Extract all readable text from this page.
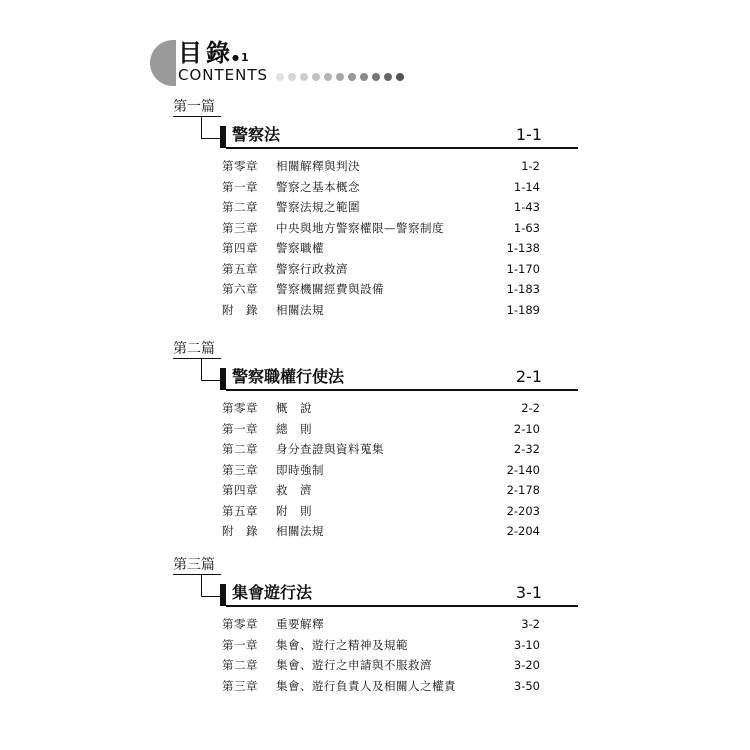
目錄● 1
CONTENTS
第一篇
警察法	1-1
第零章	相關解釋與判決	1-2
第一章	警察之基本概念	1-14
第二章	警察法規之範圍	1-43
第三章	中央與地方警察權限—警察制度	1-63
第四章	警察職權	1-138
第五章	警察行政救濟	1-170
第六章	警察機關經費與設備	1-183
附　錄	相關法規	1-189
第二篇
警察職權行使法	2-1
第零章	概　說	2-2
第一章	總　則	2-10
第二章	身分查證與資料蒐集	2-32
第三章	即時強制	2-140
第四章	救　濟	2-178
第五章	附　則	2-203
附　錄	相關法規	2-204
第三篇
集會遊行法	3-1
第零章	重要解釋	3-2
第一章	集會、遊行之精神及規範	3-10
第二章	集會、遊行之申請與不服救濟	3-20
第三章	集會、遊行負責人及相關人之權責	3-50
